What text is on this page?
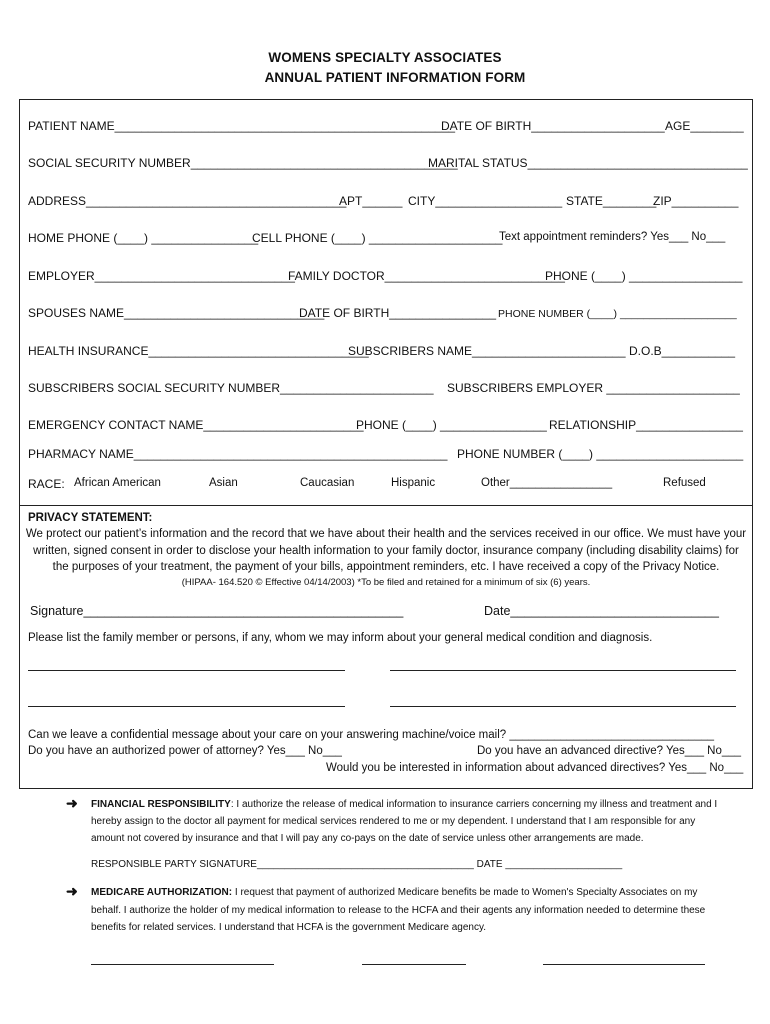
WOMENS SPECIALTY ASSOCIATES
ANNUAL PATIENT INFORMATION FORM
PATIENT NAME___________________________________________________
DATE OF BIRTH____________________ AGE________
SOCIAL SECURITY NUMBER________________________________________
MARITAL STATUS_________________________________
ADDRESS_______________________________________
APT______ CITY___________________ STATE________
ZIP__________
HOME PHONE (____) ________________
CELL PHONE (____) ____________________
Text appointment reminders? Yes___ No___
EMPLOYER______________________________
FAMILY DOCTOR___________________________
PHONE (____) _________________
SPOUSES NAME______________________________
DATE OF BIRTH________________ PHONE NUMBER (____) ____________________
HEALTH INSURANCE_________________________________
SUBSCRIBERS NAME_______________________ D.O.B___________
SUBSCRIBERS SOCIAL SECURITY NUMBER_______________________ SUBSCRIBERS EMPLOYER ____________________
EMERGENCY CONTACT NAME________________________
PHONE (____) ________________ RELATIONSHIP________________
PHARMACY NAME_______________________________________________ PHONE NUMBER (____) ______________________
RACE: African American	Asian	Caucasian	Hispanic	Other________________	Refused
PRIVACY STATEMENT:
We protect our patient’s information and the record that we have about their health and the services received in our office. We must have your
written, signed consent in order to disclose your health information to your family doctor, insurance company (including disability claims) for
the purposes of your treatment, the payment of your bills, appointment reminders, etc. I have received a copy of the Privacy Notice.
(HIPAA- 164.520 © Effective 04/14/2003) *To be filed and retained for a minimum of six (6) years.
Signature______________________________________________	Date______________________________
Please list the family member or persons, if any, whom we may inform about your general medical condition and diagnosis.
Can we leave a confidential message about your care on your answering machine/voice mail? ________________________________
Do you have an authorized power of attorney? Yes___ No___	Do you have an advanced directive? Yes___ No___
Would you be interested in information about advanced directives? Yes___ No___
➜ FINANCIAL RESPONSIBILITY: I authorize the release of medical information to insurance carriers concerning my illness and treatment and I
hereby assign to the doctor all payment for medical services rendered to me or my dependent. I understand that I am responsible for any
amount not covered by insurance and that I will pay any co-pays on the date of service unless other arrangements are made.
RESPONSIBLE PARTY SIGNATURE_______________________________________ DATE _____________________
➜ MEDICARE AUTHORIZATION: I request that payment of authorized Medicare benefits be made to Women's Specialty Associates on my
behalf. I authorize the holder of my medical information to release to the HCFA and their agents any information needed to determine these
benefits for related services. I understand that HCFA is the government Medicare agency.
